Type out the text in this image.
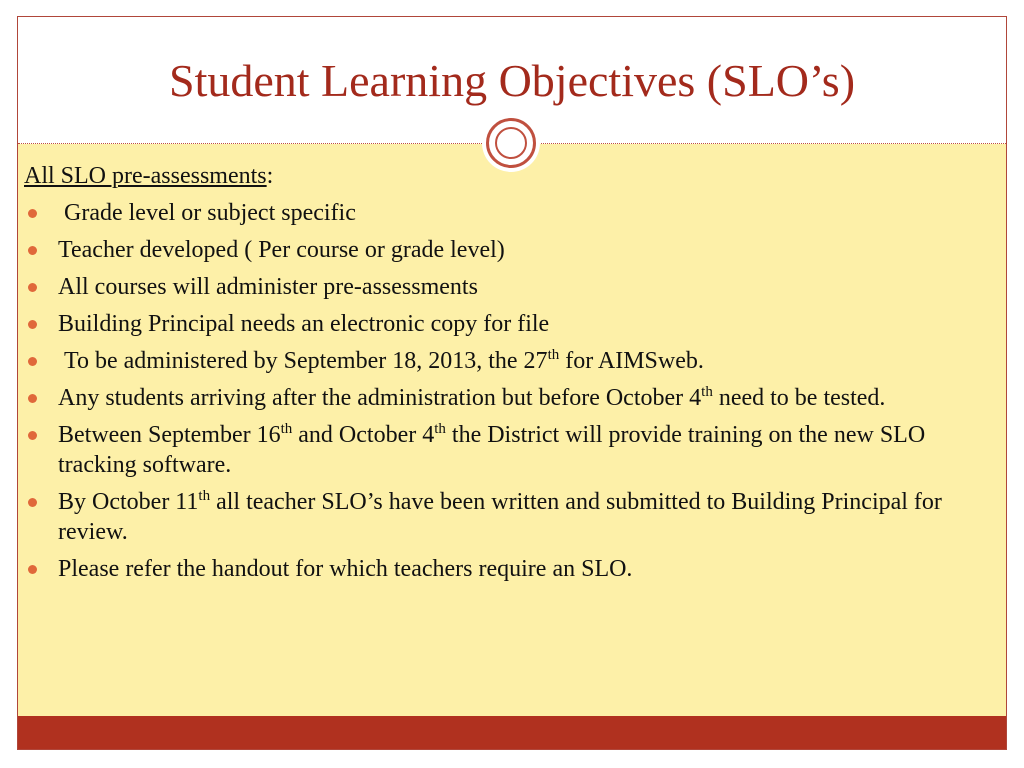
Student Learning Objectives (SLO’s)
All SLO pre-assessments:
Grade level or subject specific
Teacher developed ( Per course or grade level)
All courses will administer pre-assessments
Building Principal needs an electronic copy for file
To be administered by September 18, 2013, the 27th for AIMSweb.
Any students arriving after the administration but before October 4th need to be tested.
Between September 16th and October 4th the District will provide training on the new SLO tracking software.
By October 11th all teacher SLO’s have been written and submitted to Building Principal for review.
Please refer the handout for which teachers require an SLO.
